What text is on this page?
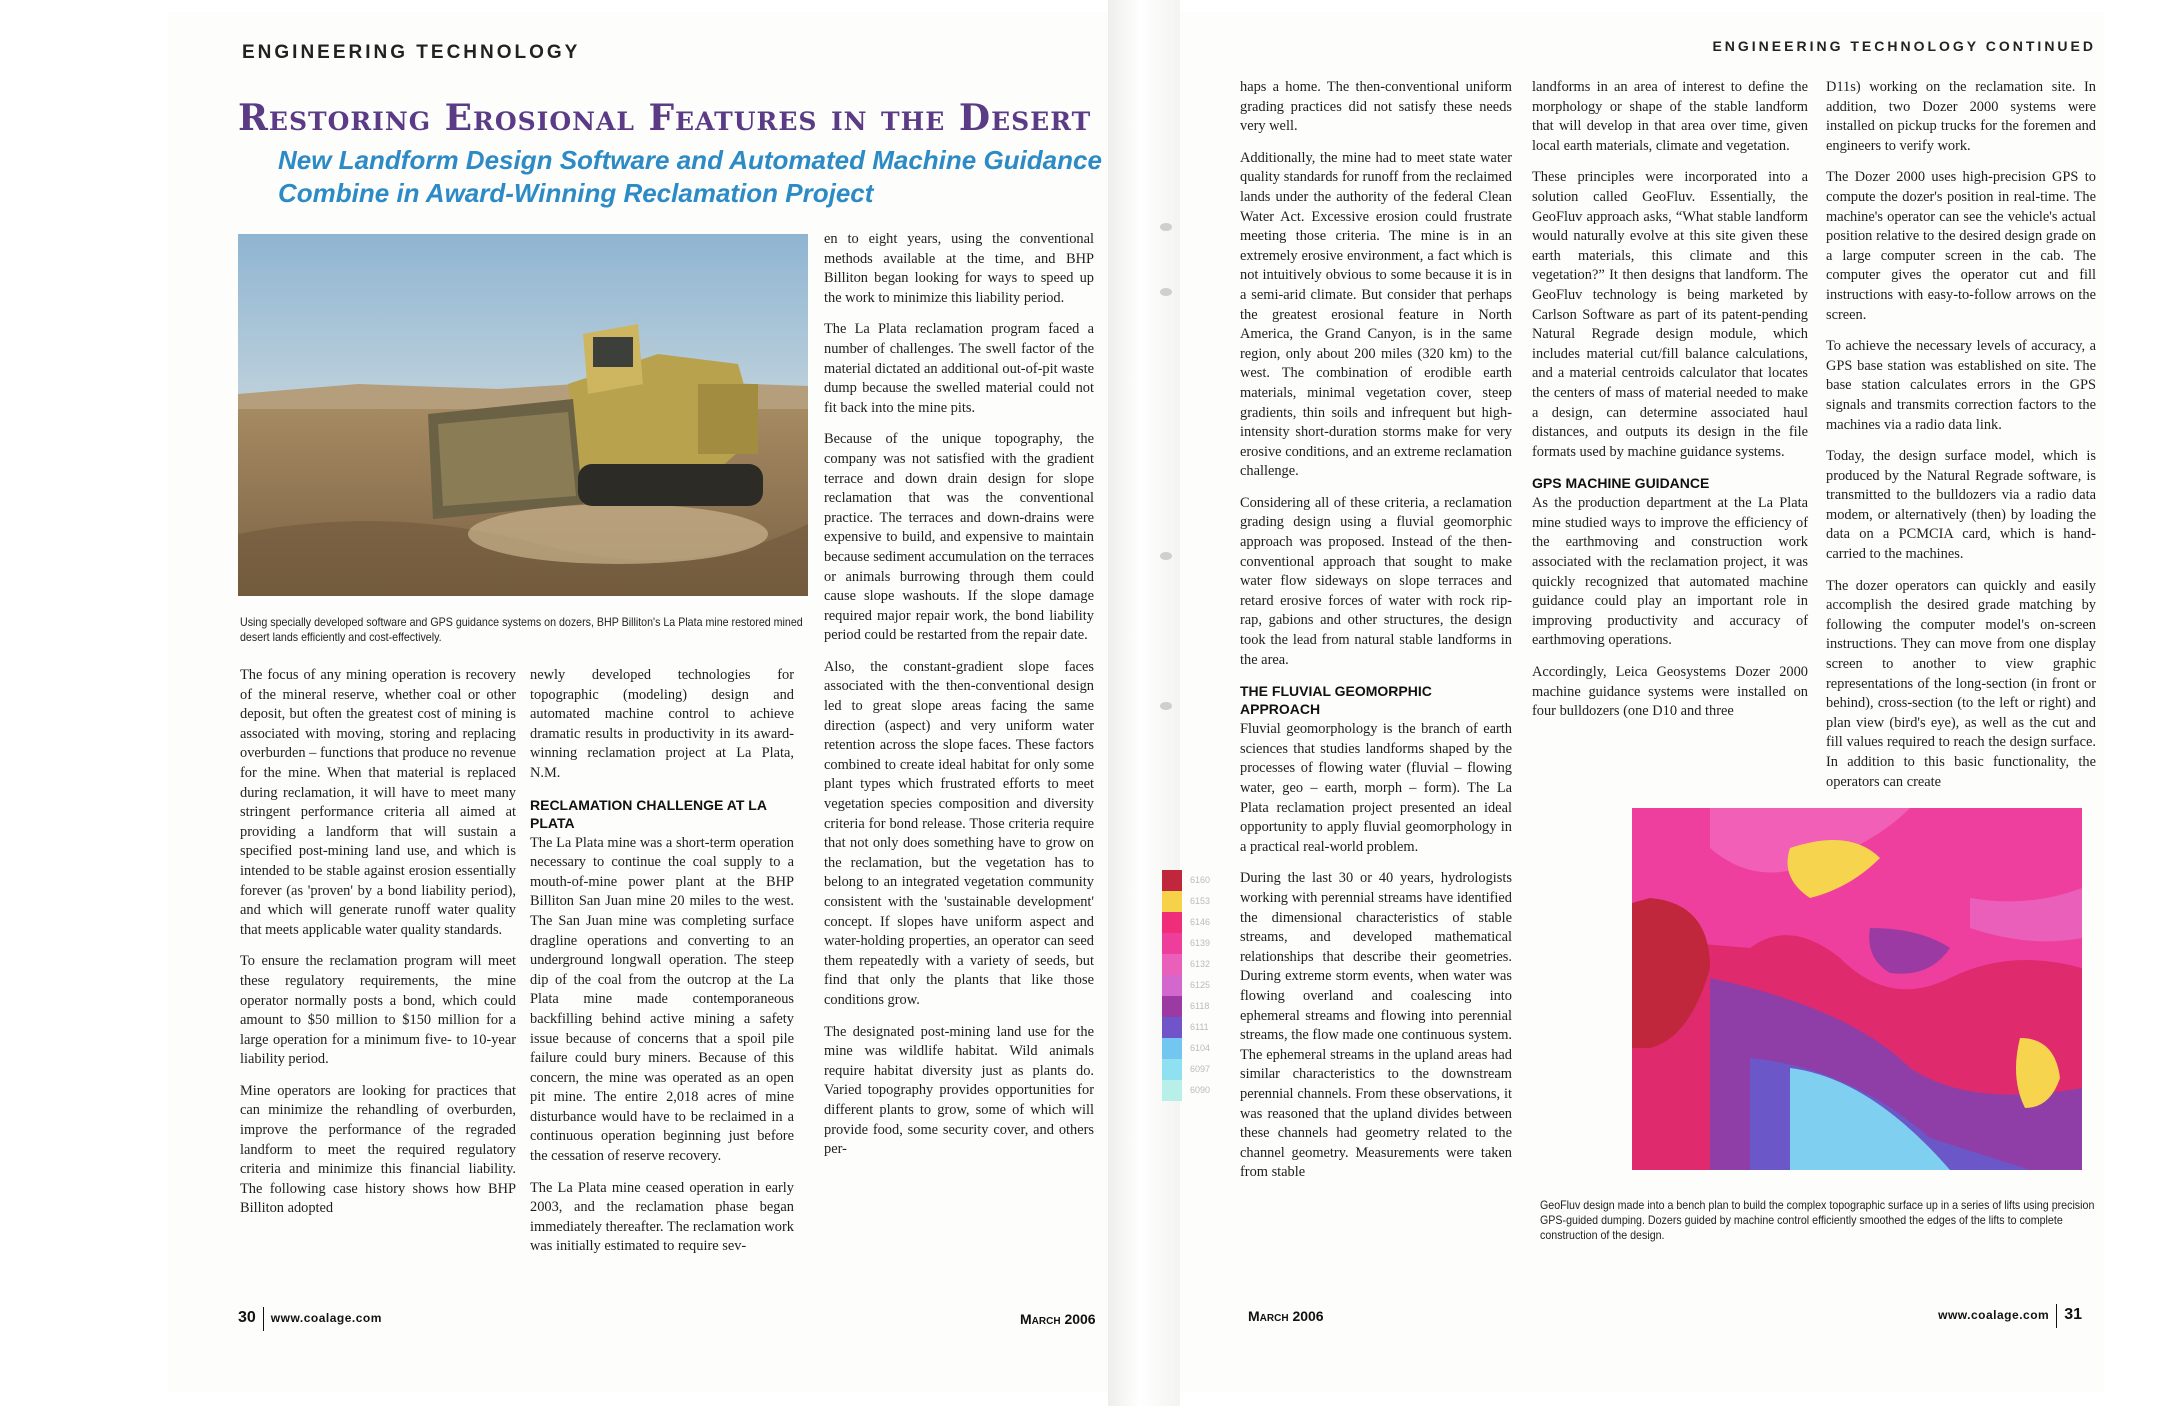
ENGINEERING TECHNOLOGY
Restoring Erosional Features in the Desert
New Landform Design Software and Automated Machine Guidance Combine in Award-Winning Reclamation Project
Using specially developed software and GPS guidance systems on dozers, BHP Billiton's La Plata mine restored mined desert lands efficiently and cost-effectively.

The focus of any mining operation is recovery of the mineral reserve, whether coal or other deposit, but often the greatest cost of mining is associated with moving, storing and replacing overburden – functions that produce no revenue for the mine. When that material is replaced during reclamation, it will have to meet many stringent performance criteria all aimed at providing a landform that will sustain a specified post-mining land use, and which is intended to be stable against erosion essentially forever (as 'proven' by a bond liability period), and which will generate runoff water quality that meets applicable water quality standards.

To ensure the reclamation program will meet these regulatory requirements, the mine operator normally posts a bond, which could amount to $50 million to $150 million for a large operation for a minimum five- to 10-year liability period.

Mine operators are looking for practices that can minimize the rehandling of overburden, improve the performance of the regraded landform to meet the required regulatory criteria and minimize this financial liability. The following case history shows how BHP Billiton adopted

newly developed technologies for topographic (modeling) design and automated machine control to achieve dramatic results in productivity in its award-winning reclamation project at La Plata, N.M.

RECLAMATION CHALLENGE AT LA PLATA

The La Plata mine was a short-term operation necessary to continue the coal supply to a mouth-of-mine power plant at the BHP Billiton San Juan mine 20 miles to the west. The San Juan mine was completing surface dragline operations and converting to an underground longwall operation. The steep dip of the coal from the outcrop at the La Plata mine made contemporaneous backfilling behind active mining a safety issue because of concerns that a spoil pile failure could bury miners. Because of this concern, the mine was operated as an open pit mine. The entire 2,018 acres of mine disturbance would have to be reclaimed in a continuous operation beginning just before the cessation of reserve recovery.

The La Plata mine ceased operation in early 2003, and the reclamation phase began immediately thereafter. The reclamation work was initially estimated to require sev-

en to eight years, using the conventional methods available at the time, and BHP Billiton began looking for ways to speed up the work to minimize this liability period.

The La Plata reclamation program faced a number of challenges. The swell factor of the material dictated an additional out-of-pit waste dump because the swelled material could not fit back into the mine pits.

Because of the unique topography, the company was not satisfied with the gradient terrace and down drain design for slope reclamation that was the conventional practice. The terraces and down-drains were expensive to build, and expensive to maintain because sediment accumulation on the terraces or animals burrowing through them could cause slope washouts. If the slope damage required major repair work, the bond liability period could be restarted from the repair date.

Also, the constant-gradient slope faces associated with the then-conventional design led to great slope areas facing the same direction (aspect) and very uniform water retention across the slope faces. These factors combined to create ideal habitat for only some plant types which frustrated efforts to meet vegetation species composition and diversity criteria for bond release. Those criteria require that not only does something have to grow on the reclamation, but the vegetation has to belong to an integrated vegetation community consistent with the 'sustainable development' concept. If slopes have uniform aspect and water-holding properties, an operator can seed them repeatedly with a variety of seeds, but find that only the plants that like those conditions grow.

The designated post-mining land use for the mine was wildlife habitat. Wild animals require habitat diversity just as plants do. Varied topography provides opportunities for different plants to grow, some of which will provide food, some security cover, and others per-

30 www.coalage.com	March 2006
ENGINEERING TECHNOLOGY CONTINUED

haps a home. The then-conventional uniform grading practices did not satisfy these needs very well.

Additionally, the mine had to meet state water quality standards for runoff from the reclaimed lands under the authority of the federal Clean Water Act. Excessive erosion could frustrate meeting those criteria. The mine is in an extremely erosive environment, a fact which is not intuitively obvious to some because it is in a semi-arid climate. But consider that perhaps the greatest erosional feature in North America, the Grand Canyon, is in the same region, only about 200 miles (320 km) to the west. The combination of erodible earth materials, minimal vegetation cover, steep gradients, thin soils and infrequent but high-intensity short-duration storms make for very erosive conditions, and an extreme reclamation challenge.

Considering all of these criteria, a reclamation grading design using a fluvial geomorphic approach was proposed. Instead of the then-conventional approach that sought to make water flow sideways on slope terraces and retard erosive forces of water with rock rip-rap, gabions and other structures, the design took the lead from natural stable landforms in the area.

THE FLUVIAL GEOMORPHIC APPROACH

Fluvial geomorphology is the branch of earth sciences that studies landforms shaped by the processes of flowing water (fluvial – flowing water, geo – earth, morph – form). The La Plata reclamation project presented an ideal opportunity to apply fluvial geomorphology in a practical real-world problem.

During the last 30 or 40 years, hydrologists working with perennial streams have identified the dimensional characteristics of stable streams, and developed mathematical relationships that describe their geometries. During extreme storm events, when water was flowing overland and coalescing into ephemeral streams and flowing into perennial streams, the flow made one continuous system. The ephemeral streams in the upland areas had similar characteristics to the downstream perennial channels. From these observations, it was reasoned that the upland divides between these channels had geometry related to the channel geometry. Measurements were taken from stable

landforms in an area of interest to define the morphology or shape of the stable landform that will develop in that area over time, given local earth materials, climate and vegetation.

These principles were incorporated into a solution called GeoFluv. Essentially, the GeoFluv approach asks, “What stable landform would naturally evolve at this site given these earth materials, this climate and this vegetation?” It then designs that landform. The GeoFluv technology is being marketed by Carlson Software as part of its patent-pending Natural Regrade design module, which includes material cut/fill balance calculations, and a material centroids calculator that locates the centers of mass of material needed to make a design, can determine associated haul distances, and outputs its design in the file formats used by machine guidance systems.

GPS MACHINE GUIDANCE

As the production department at the La Plata mine studied ways to improve the efficiency of the earthmoving and construction work associated with the reclamation project, it was quickly recognized that automated machine guidance could play an important role in improving productivity and accuracy of earthmoving operations.

Accordingly, Leica Geosystems Dozer 2000 machine guidance systems were installed on four bulldozers (one D10 and three

D11s) working on the reclamation site. In addition, two Dozer 2000 systems were installed on pickup trucks for the foremen and engineers to verify work.

The Dozer 2000 uses high-precision GPS to compute the dozer's position in real-time. The machine's operator can see the vehicle's actual position relative to the desired design grade on a large computer screen in the cab. The computer gives the operator cut and fill instructions with easy-to-follow arrows on the screen.

To achieve the necessary levels of accuracy, a GPS base station was established on site. The base station calculates errors in the GPS signals and transmits correction factors to the machines via a radio data link.

Today, the design surface model, which is produced by the Natural Regrade software, is transmitted to the bulldozers via a radio data modem, or alternatively (then) by loading the data on a PCMCIA card, which is hand-carried to the machines.

The dozer operators can quickly and easily accomplish the desired grade matching by following the computer model's on-screen instructions. They can move from one display screen to another to view graphic representations of the long-section (in front or behind), cross-section (to the left or right) and plan view (bird's eye), as well as the cut and fill values required to reach the design surface. In addition to this basic functionality, the operators can create

GeoFluv design made into a bench plan to build the complex topographic surface up in a series of lifts using precision GPS-guided dumping. Dozers guided by machine control efficiently smoothed the edges of the lifts to complete construction of the design.
March 2006	www.coalage.com 31
6160
6153
6146
6139
6132
6125
6118
6111
6104
6097
6090
